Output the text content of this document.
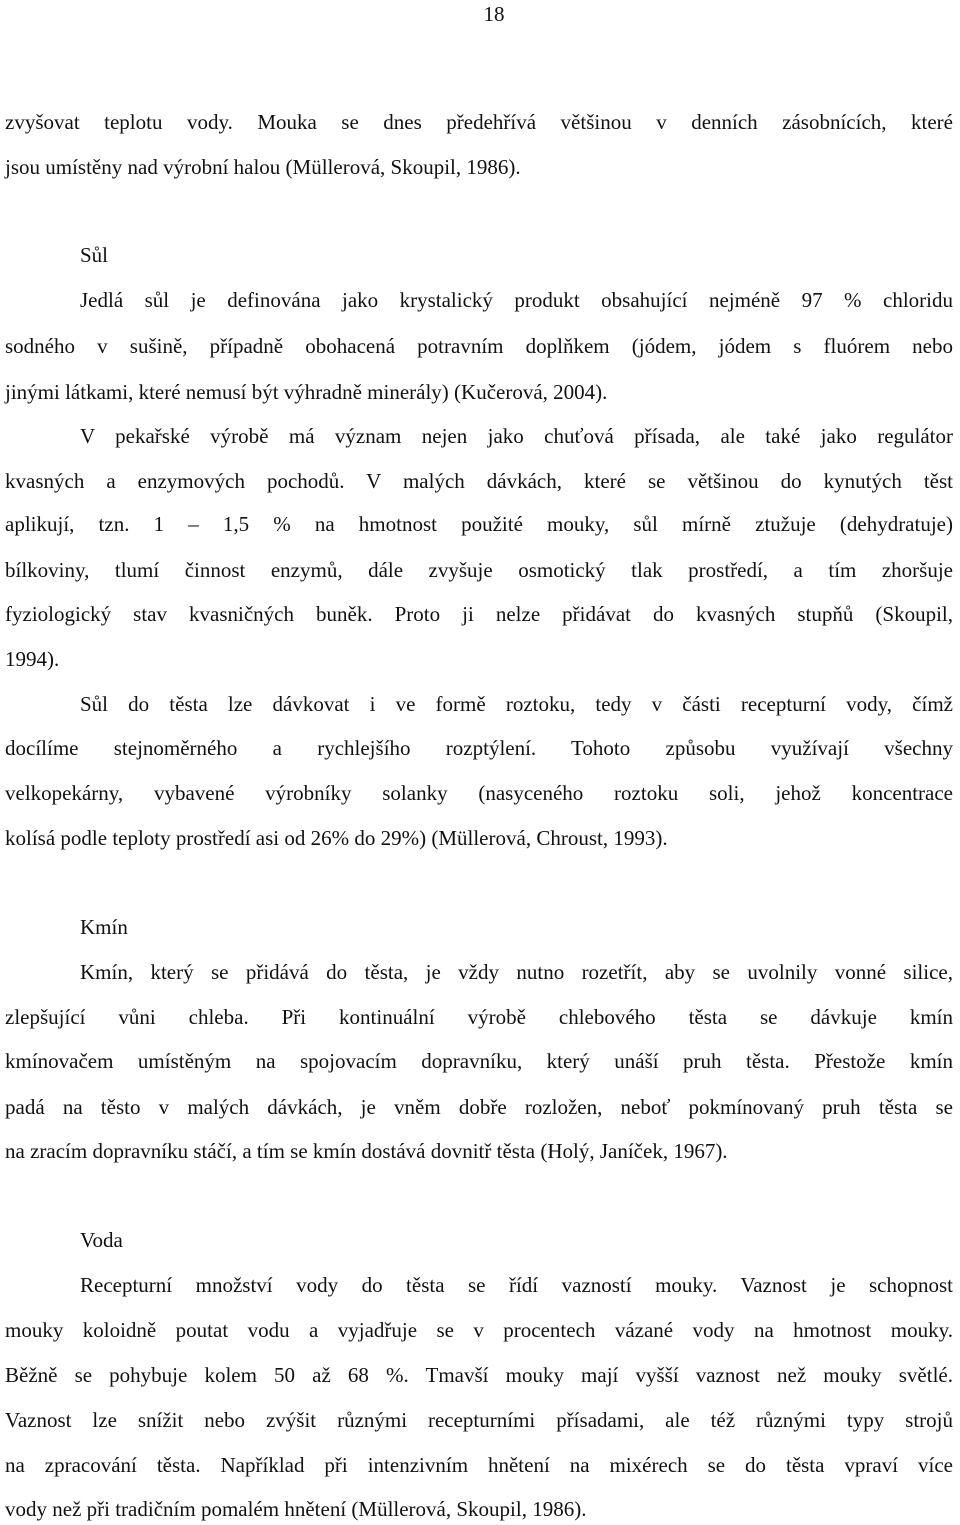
18
zvyšovat teplotu vody. Mouka se dnes předehřívá většinou v denních zásobnících, které
jsou umístěny nad výrobní halou (Müllerová, Skoupil, 1986).
Sůl
Jedlá sůl je definována jako krystalický produkt obsahující nejméně 97 % chloridu
sodného v sušině, případně obohacená potravním doplňkem (jódem, jódem s fluórem nebo
jinými látkami, které nemusí být výhradně minerály) (Kučerová, 2004).
V pekařské výrobě má význam nejen jako chuťová přísada, ale také jako regulátor
kvasných a enzymových pochodů. V malých dávkách, které se většinou do kynutých těst
aplikují, tzn. 1 – 1,5 % na hmotnost použité mouky, sůl mírně ztužuje (dehydratuje)
bílkoviny, tlumí činnost enzymů, dále zvyšuje osmotický tlak prostředí, a tím zhoršuje
fyziologický stav kvasničných buněk. Proto ji nelze přidávat do kvasných stupňů (Skoupil,
1994).
Sůl do těsta lze dávkovat i ve formě roztoku, tedy v části recepturní vody, čímž
docílíme stejnoměrného a rychlejšího rozptýlení. Tohoto způsobu využívají všechny
velkopekárny, vybavené výrobníky solanky (nasyceného roztoku soli, jehož koncentrace
kolísá podle teploty prostředí asi od 26% do 29%) (Müllerová, Chroust, 1993).
Kmín
Kmín, který se přidává do těsta, je vždy nutno rozetřít, aby se uvolnily vonné silice,
zlepšující vůni chleba. Při kontinuální výrobě chlebového těsta se dávkuje kmín
kmínovačem umístěným na spojovacím dopravníku, který unáší pruh těsta. Přestože kmín
padá na těsto v malých dávkách, je vněm dobře rozložen, neboť pokmínovaný pruh těsta se
na zracím dopravníku stáčí, a tím se kmín dostává dovnitř těsta (Holý, Janíček, 1967).
Voda
Recepturní množství vody do těsta se řídí vazností mouky. Vaznost je schopnost
mouky koloidně poutat vodu a vyjadřuje se v procentech vázané vody na hmotnost mouky.
Běžně se pohybuje kolem 50 až 68 %. Tmavší mouky mají vyšší vaznost než mouky světlé.
Vaznost lze snížit nebo zvýšit různými recepturními přísadami, ale též různými typy strojů
na zpracování těsta. Například při intenzivním hnětení na mixérech se do těsta vpraví více
vody než při tradičním pomalém hnětení (Müllerová, Skoupil, 1986).
